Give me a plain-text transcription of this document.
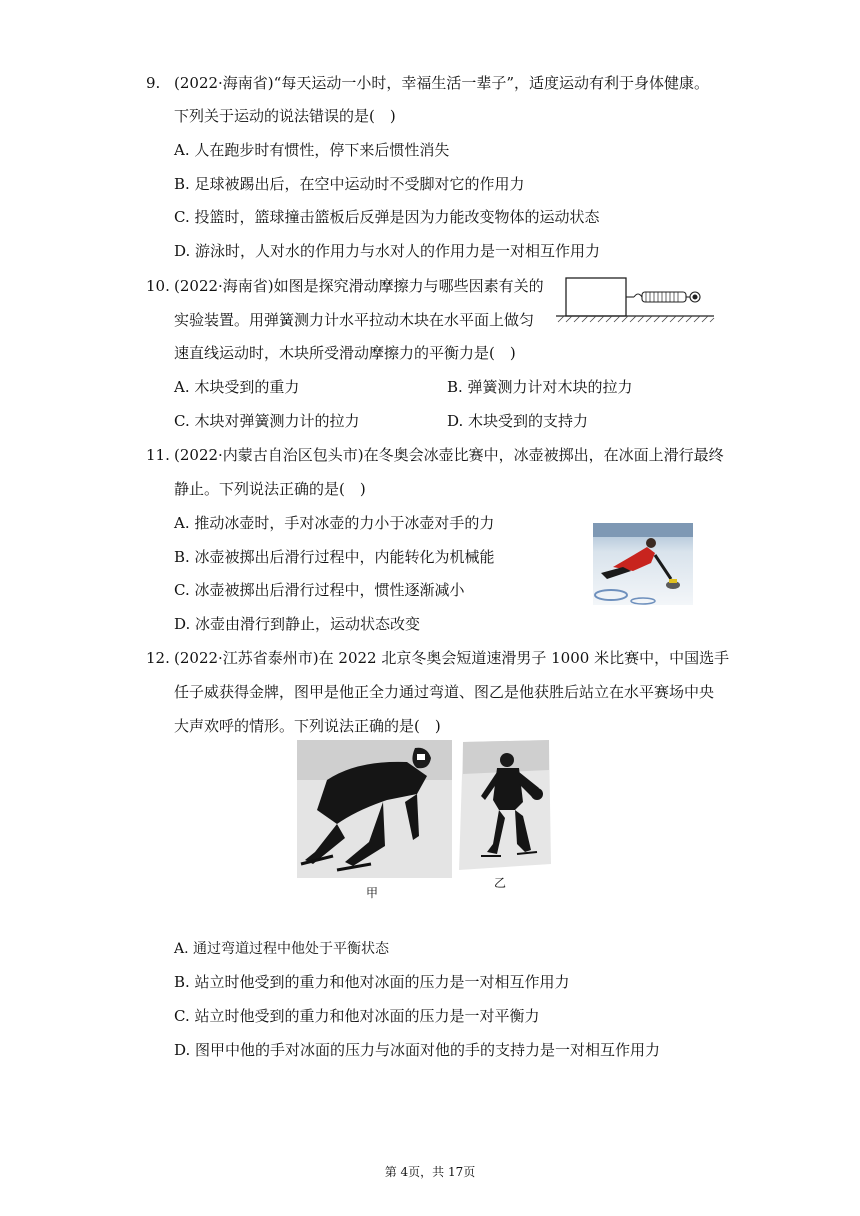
9. (2022·海南省)“每天运动一小时，幸福生活一辈子”，适度运动有利于身体健康。
下列关于运动的说法错误的是(　)
A. 人在跑步时有惯性，停下来后惯性消失
B. 足球被踢出后，在空中运动时不受脚对它的作用力
C. 投篮时，篮球撞击篮板后反弹是因为力能改变物体的运动状态
D. 游泳时，人对水的作用力与水对人的作用力是一对相互作用力
10. (2022·海南省)如图是探究滑动摩擦力与哪些因素有关的
实验装置。用弹簧测力计水平拉动木块在水平面上做匀
速直线运动时，木块所受滑动摩擦力的平衡力是(　)
A. 木块受到的重力	B. 弹簧测力计对木块的拉力
C. 木块对弹簧测力计的拉力	D. 木块受到的支持力
11. (2022·内蒙古自治区包头市)在冬奥会冰壶比赛中，冰壶被掷出，在冰面上滑行最终
静止。下列说法正确的是(　)
A. 推动冰壶时，手对冰壶的力小于冰壶对手的力
B. 冰壶被掷出后滑行过程中，内能转化为机械能
C. 冰壶被掷出后滑行过程中，惯性逐渐减小
D. 冰壶由滑行到静止，运动状态改变
12. (2022·江苏省泰州市)在 2022 北京冬奥会短道速滑男子 1000 米比赛中，中国选手
任子威获得金牌，图甲是他正全力通过弯道、图乙是他获胜后站立在水平赛场中央
大声欢呼的情形。下列说法正确的是(　)
甲
乙
A. 通过弯道过程中他处于平衡状态
B. 站立时他受到的重力和他对冰面的压力是一对相互作用力
C. 站立时他受到的重力和他对冰面的压力是一对平衡力
D. 图甲中他的手对冰面的压力与冰面对他的手的支持力是一对相互作用力
第 4页，共 17页
